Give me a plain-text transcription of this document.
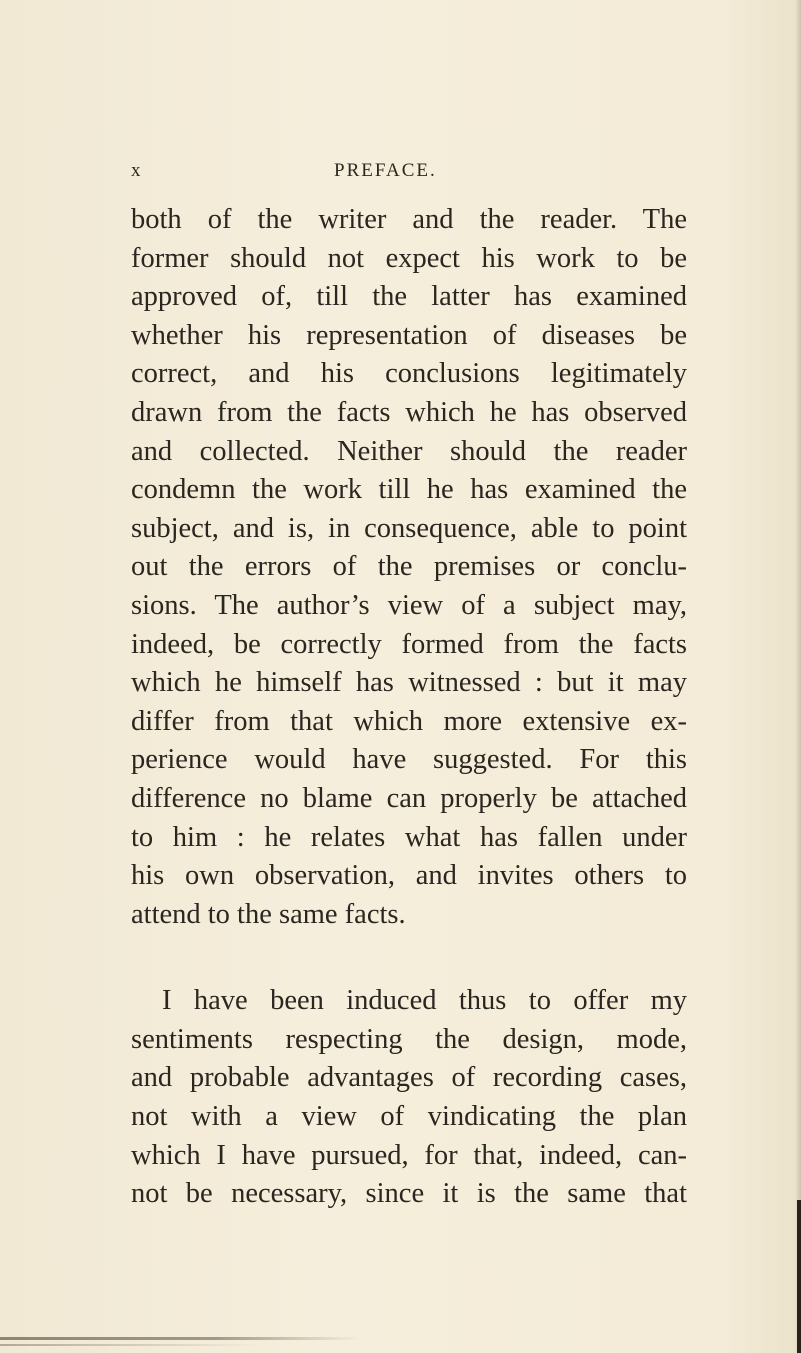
x	PREFACE.
both of the writer and the reader. The
former should not expect his work to be
approved of, till the latter has examined
whether his representation of diseases be
correct, and his conclusions legitimately
drawn from the facts which he has observed
and collected. Neither should the reader
condemn the work till he has examined the
subject, and is, in consequence, able to point
out the errors of the premises or conclu-
sions. The author’s view of a subject may,
indeed, be correctly formed from the facts
which he himself has witnessed : but it may
differ from that which more extensive ex-
perience would have suggested. For this
difference no blame can properly be attached
to him : he relates what has fallen under
his own observation, and invites others to
attend to the same facts.
I have been induced thus to offer my
sentiments respecting the design, mode,
and probable advantages of recording cases,
not with a view of vindicating the plan
which I have pursued, for that, indeed, can-
not be necessary, since it is the same that
